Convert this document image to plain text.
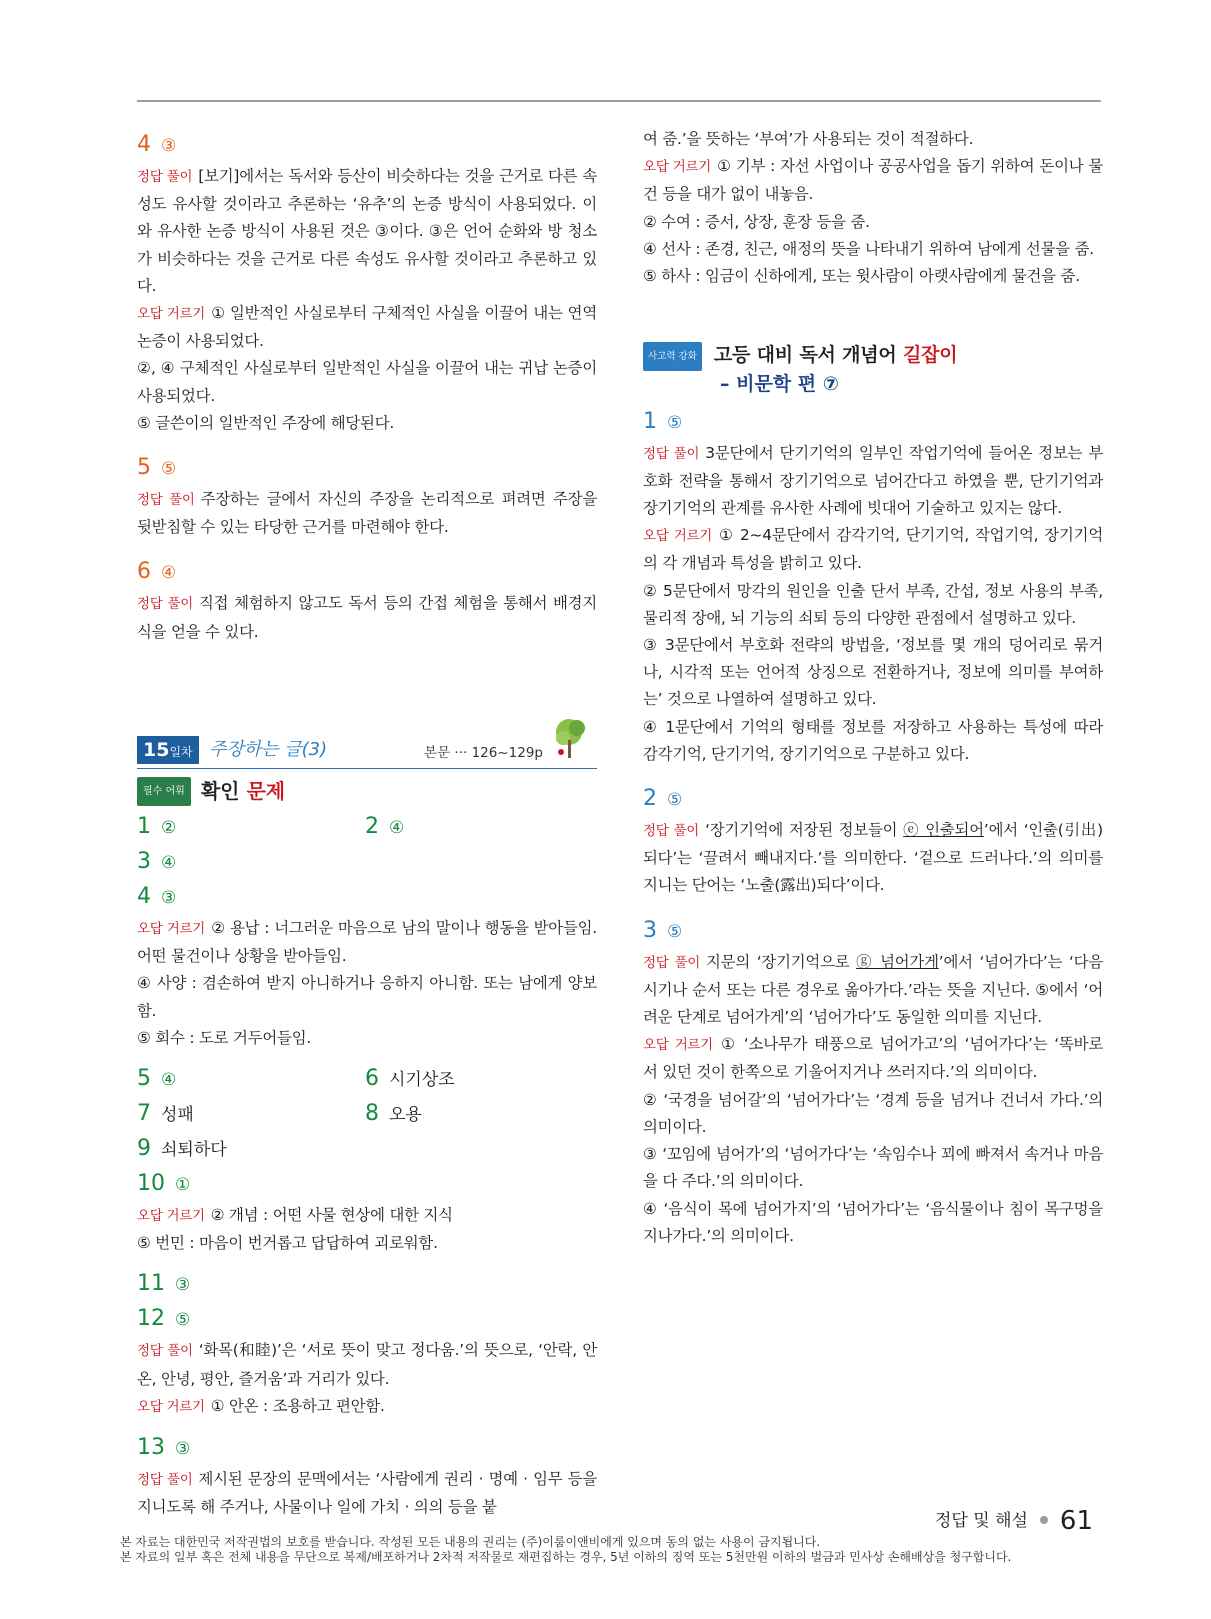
4 ③

정답 풀이 [보기]에서는 독서와 등산이 비슷하다는 것을 근거로 다른 속성도 유사할 것이라고 추론하는 ‘유추’의 논증 방식이 사용되었다. 이와 유사한 논증 방식이 사용된 것은 ③이다. ③은 언어 순화와 방 청소가 비슷하다는 것을 근거로 다른 속성도 유사할 것이라고 추론하고 있다.

오답 거르기 ① 일반적인 사실로부터 구체적인 사실을 이끌어 내는 연역 논증이 사용되었다.

②, ④ 구체적인 사실로부터 일반적인 사실을 이끌어 내는 귀납 논증이 사용되었다.

⑤ 글쓴이의 일반적인 주장에 해당된다.

5 ⑤

정답 풀이 주장하는 글에서 자신의 주장을 논리적으로 펴려면 주장을 뒷받침할 수 있는 타당한 근거를 마련해야 한다.

6 ④

정답 풀이 직접 체험하지 않고도 독서 등의 간접 체험을 통해서 배경지식을 얻을 수 있다.

15일차 주장하는 글(3)	본문 ··· 126~129p
필수 어휘 확인 문제

1 ②	2 ④

3 ④

4 ③

오답 거르기 ② 용납 : 너그러운 마음으로 남의 말이나 행동을 받아들임. 어떤 물건이나 상황을 받아들임.

④ 사양 : 겸손하여 받지 아니하거나 응하지 아니함. 또는 남에게 양보함.

⑤ 회수 : 도로 거두어들임.

5 ④	6 시기상조

7 성패	8 오용

9 쇠퇴하다

10 ①

오답 거르기 ② 개념 : 어떤 사물 현상에 대한 지식

⑤ 번민 : 마음이 번거롭고 답답하여 괴로워함.

11 ③

12 ⑤

정답 풀이 ‘화목(和睦)’은 ‘서로 뜻이 맞고 정다움.’의 뜻으로, ‘안락, 안온, 안녕, 평안, 즐거움’과 거리가 있다.

오답 거르기 ① 안온 : 조용하고 편안함.

13 ③

정답 풀이 제시된 문장의 문맥에서는 ‘사람에게 권리 · 명예 · 임무 등을 지니도록 해 주거나, 사물이나 일에 가치 · 의의 등을 붙

여 줌.’을 뜻하는 ‘부여’가 사용되는 것이 적절하다.

오답 거르기 ① 기부 : 자선 사업이나 공공사업을 돕기 위하여 돈이나 물건 등을 대가 없이 내놓음.

② 수여 : 증서, 상장, 훈장 등을 줌.

④ 선사 : 존경, 친근, 애정의 뜻을 나타내기 위하여 남에게 선물을 줌.

⑤ 하사 : 임금이 신하에게, 또는 윗사람이 아랫사람에게 물건을 줌.

사고력 강화 고등 대비 독서 개념어 길잡이
– 비문학 편 ⑦

1 ⑤

정답 풀이 3문단에서 단기기억의 일부인 작업기억에 들어온 정보는 부호화 전략을 통해서 장기기억으로 넘어간다고 하였을 뿐, 단기기억과 장기기억의 관계를 유사한 사례에 빗대어 기술하고 있지는 않다.

오답 거르기 ① 2~4문단에서 감각기억, 단기기억, 작업기억, 장기기억의 각 개념과 특성을 밝히고 있다.

② 5문단에서 망각의 원인을 인출 단서 부족, 간섭, 정보 사용의 부족, 물리적 장애, 뇌 기능의 쇠퇴 등의 다양한 관점에서 설명하고 있다.

③ 3문단에서 부호화 전략의 방법을, ‘정보를 몇 개의 덩어리로 묶거나, 시각적 또는 언어적 상징으로 전환하거나, 정보에 의미를 부여하는’ 것으로 나열하여 설명하고 있다.

④ 1문단에서 기억의 형태를 정보를 저장하고 사용하는 특성에 따라 감각기억, 단기기억, 장기기억으로 구분하고 있다.

2 ⑤

정답 풀이 ‘장기기억에 저장된 정보들이 ⓔ 인출되어’에서 ‘인출(引出)되다’는 ‘끌려서 빼내지다.’를 의미한다. ‘겉으로 드러나다.’의 의미를 지니는 단어는 ‘노출(露出)되다’이다.

3 ⑤

정답 풀이 지문의 ‘장기기억으로 ⓖ 넘어가게’에서 ‘넘어가다’는 ‘다음 시기나 순서 또는 다른 경우로 옮아가다.’라는 뜻을 지닌다. ⑤에서 ‘어려운 단계로 넘어가게’의 ‘넘어가다’도 동일한 의미를 지닌다.

오답 거르기 ① ‘소나무가 태풍으로 넘어가고’의 ‘넘어가다’는 ‘똑바로 서 있던 것이 한쪽으로 기울어지거나 쓰러지다.’의 의미이다.

② ‘국경을 넘어갈’의 ‘넘어가다’는 ‘경계 등을 넘거나 건너서 가다.’의 의미이다.

③ ‘꼬임에 넘어가’의 ‘넘어가다’는 ‘속임수나 꾀에 빠져서 속거나 마음을 다 주다.’의 의미이다.

④ ‘음식이 목에 넘어가지’의 ‘넘어가다’는 ‘음식물이나 침이 목구멍을 지나가다.’의 의미이다.

정답 및 해설 61
본 자료는 대한민국 저작권법의 보호를 받습니다. 작성된 모든 내용의 권리는 (주)이룸이앤비에게 있으며 동의 없는 사용이 금지됩니다.
본 자료의 일부 혹은 전체 내용을 무단으로 복제/배포하거나 2차적 저작물로 재편집하는 경우, 5년 이하의 징역 또는 5천만원 이하의 벌금과 민사상 손해배상을 청구합니다.
